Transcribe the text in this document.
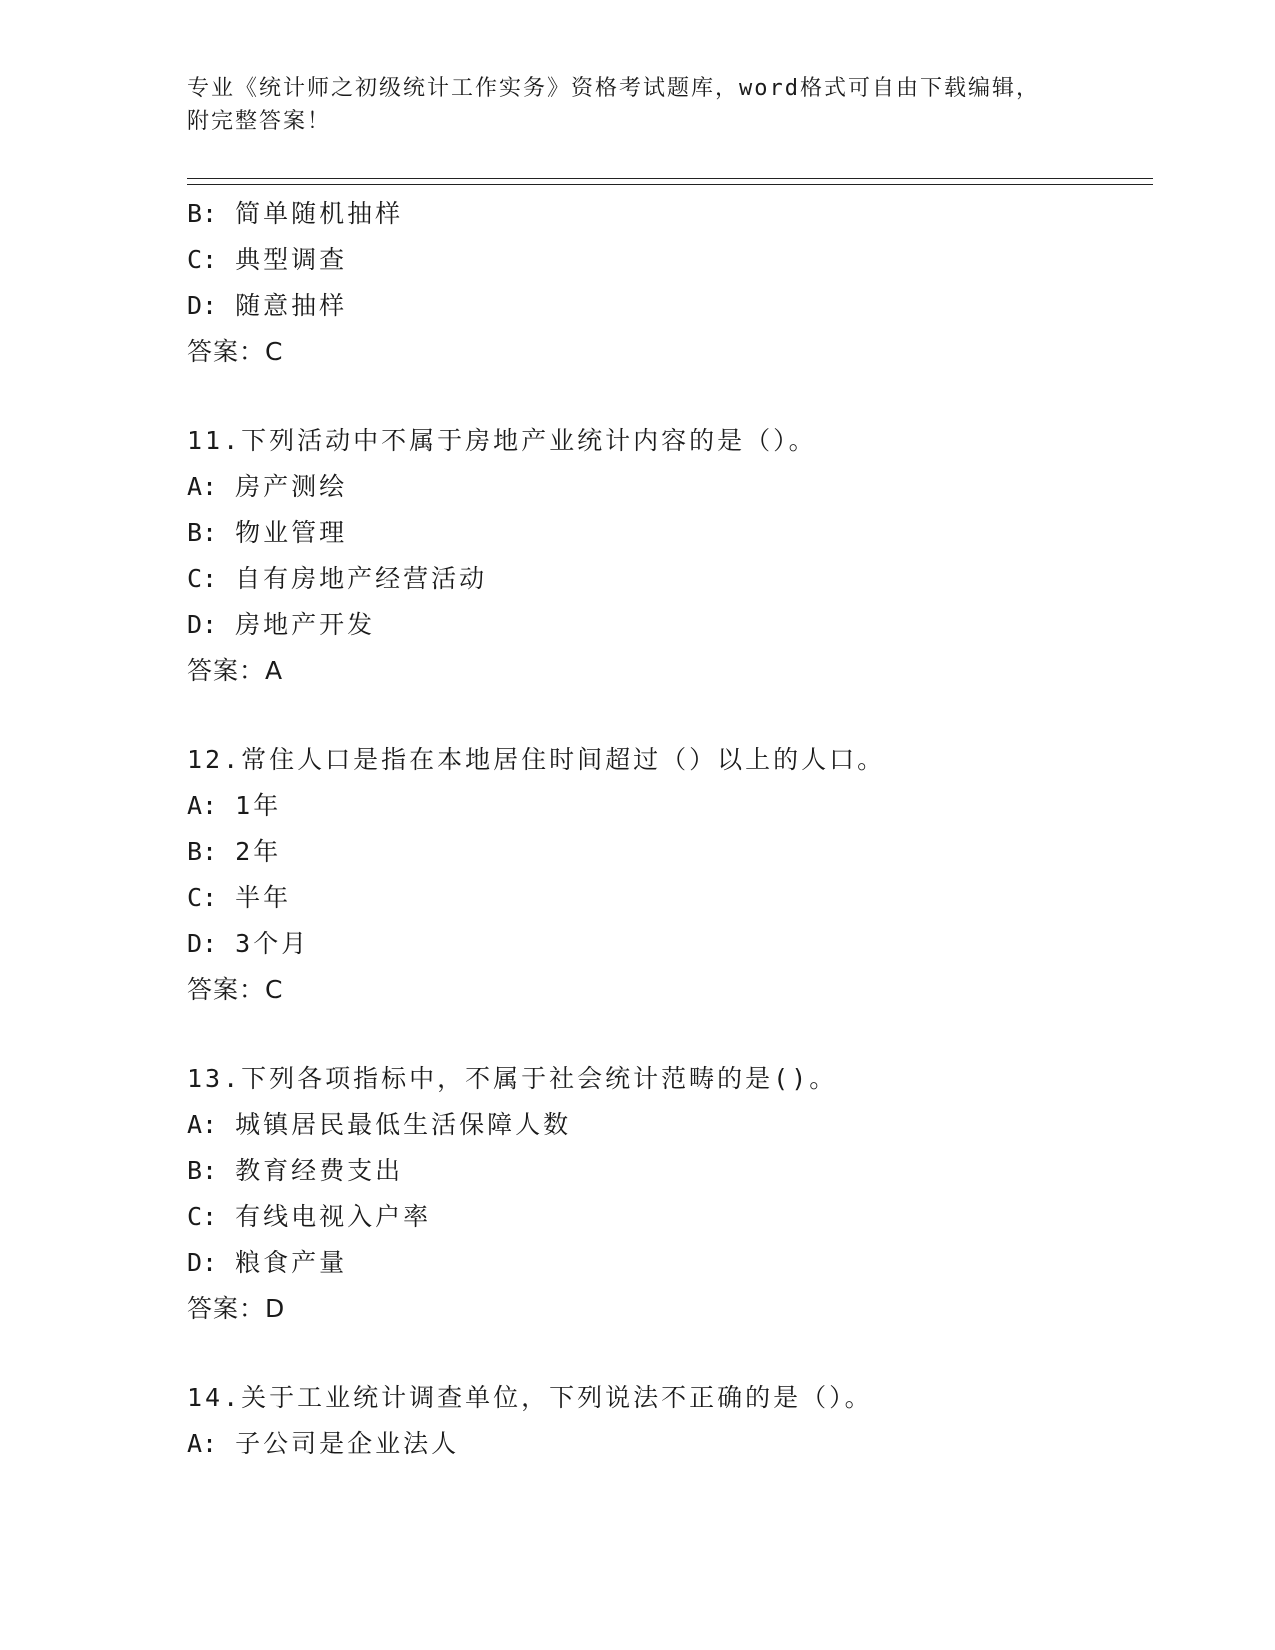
专业《统计师之初级统计工作实务》资格考试题库，word格式可自由下载编辑，
附完整答案！
B: 简单随机抽样
C: 典型调查
D: 随意抽样
答案：C
11.下列活动中不属于房地产业统计内容的是（）。
A: 房产测绘
B: 物业管理
C: 自有房地产经营活动
D: 房地产开发
答案：A
12.常住人口是指在本地居住时间超过（）以上的人口。
A: 1年
B: 2年
C: 半年
D: 3个月
答案：C
13.下列各项指标中，不属于社会统计范畴的是()。
A: 城镇居民最低生活保障人数
B: 教育经费支出
C: 有线电视入户率
D: 粮食产量
答案：D
14.关于工业统计调查单位，下列说法不正确的是（）。
A: 子公司是企业法人
